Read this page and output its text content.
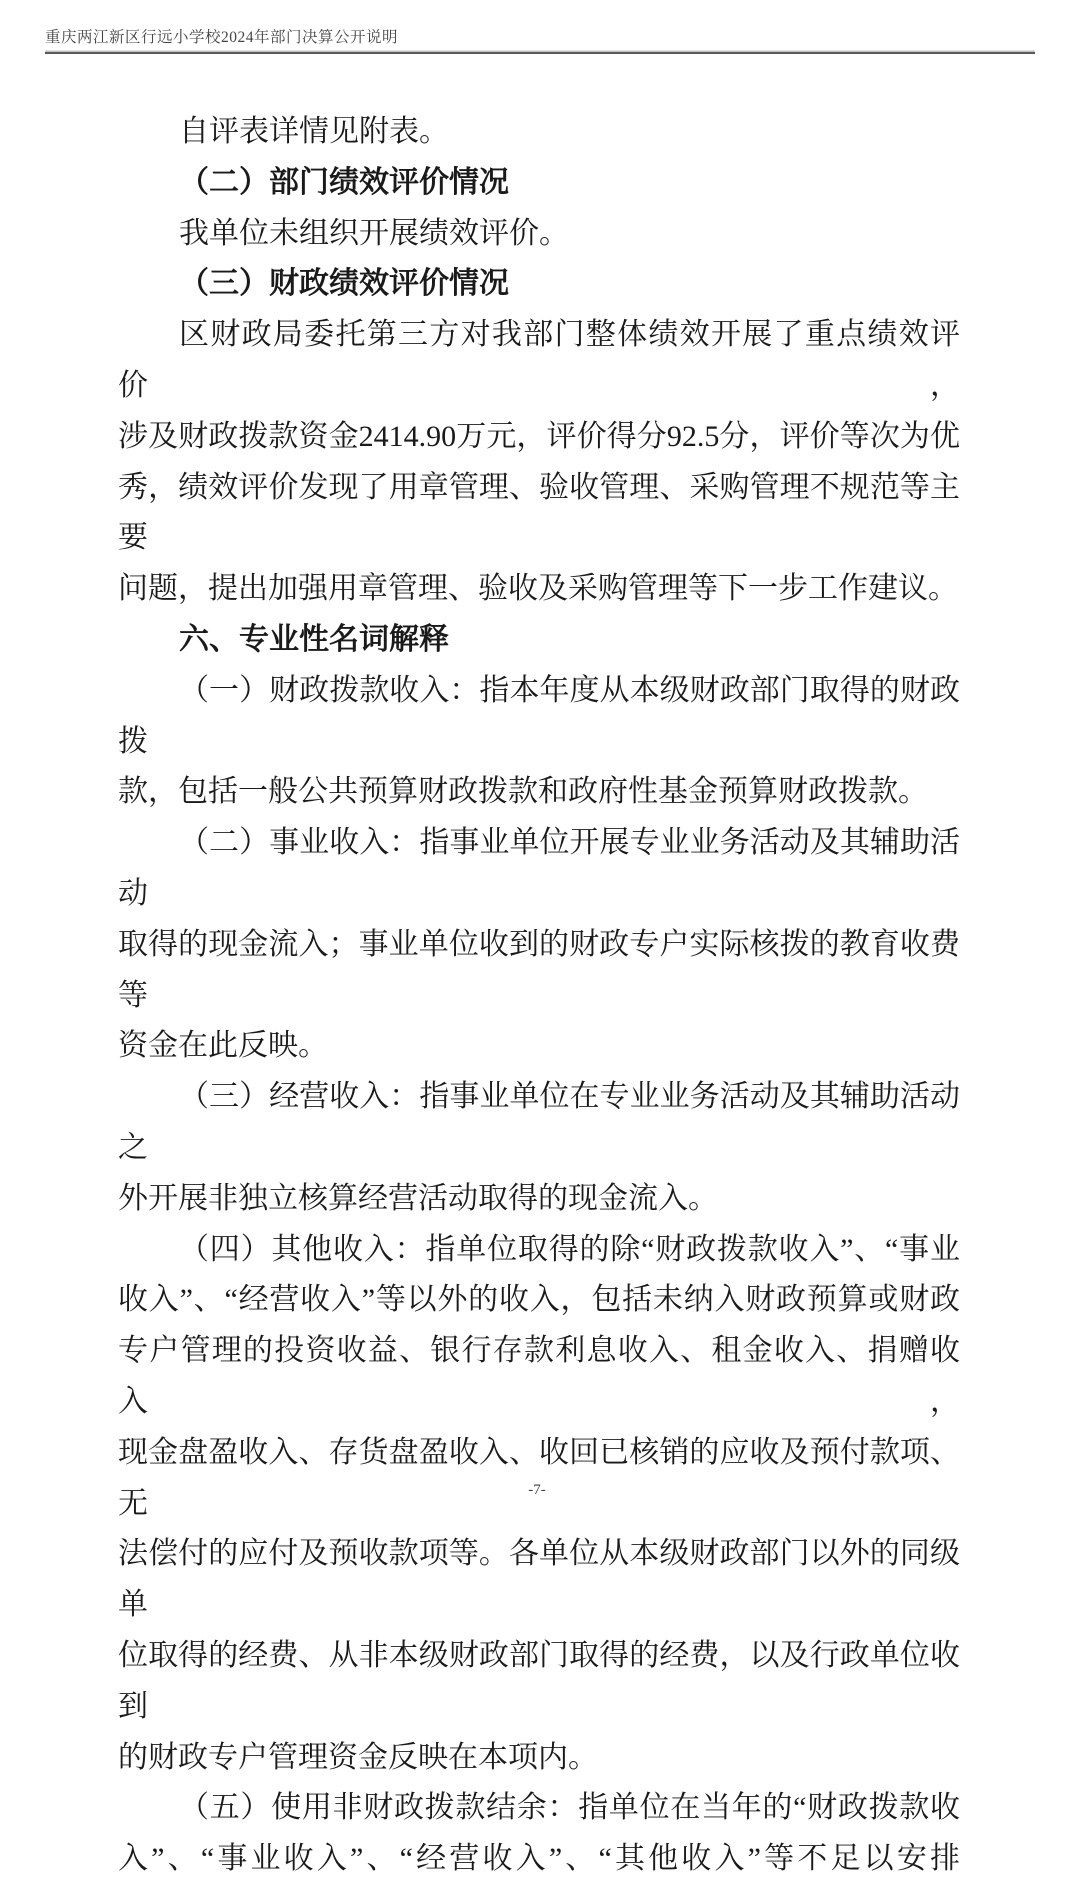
重庆两江新区行远小学校2024年部门决算公开说明
自评表详情见附表。
（二）部门绩效评价情况
我单位未组织开展绩效评价。
（三）财政绩效评价情况
区财政局委托第三方对我部门整体绩效开展了重点绩效评价，
涉及财政拨款资金2414.90万元，评价得分92.5分，评价等次为优
秀，绩效评价发现了用章管理、验收管理、采购管理不规范等主要
问题，提出加强用章管理、验收及采购管理等下一步工作建议。
六、专业性名词解释
（一）财政拨款收入：指本年度从本级财政部门取得的财政拨
款，包括一般公共预算财政拨款和政府性基金预算财政拨款。
（二）事业收入：指事业单位开展专业业务活动及其辅助活动
取得的现金流入；事业单位收到的财政专户实际核拨的教育收费等
资金在此反映。
（三）经营收入：指事业单位在专业业务活动及其辅助活动之
外开展非独立核算经营活动取得的现金流入。
（四）其他收入：指单位取得的除“财政拨款收入”、“事业
收入”、“经营收入”等以外的收入，包括未纳入财政预算或财政
专户管理的投资收益、银行存款利息收入、租金收入、捐赠收入，
现金盘盈收入、存货盘盈收入、收回已核销的应收及预付款项、无
法偿付的应付及预收款项等。各单位从本级财政部门以外的同级单
位取得的经费、从非本级财政部门取得的经费，以及行政单位收到
的财政专户管理资金反映在本项内。
（五）使用非财政拨款结余：指单位在当年的“财政拨款收
入”、“事业收入”、“经营收入”、“其他收入”等不足以安排
-7-
